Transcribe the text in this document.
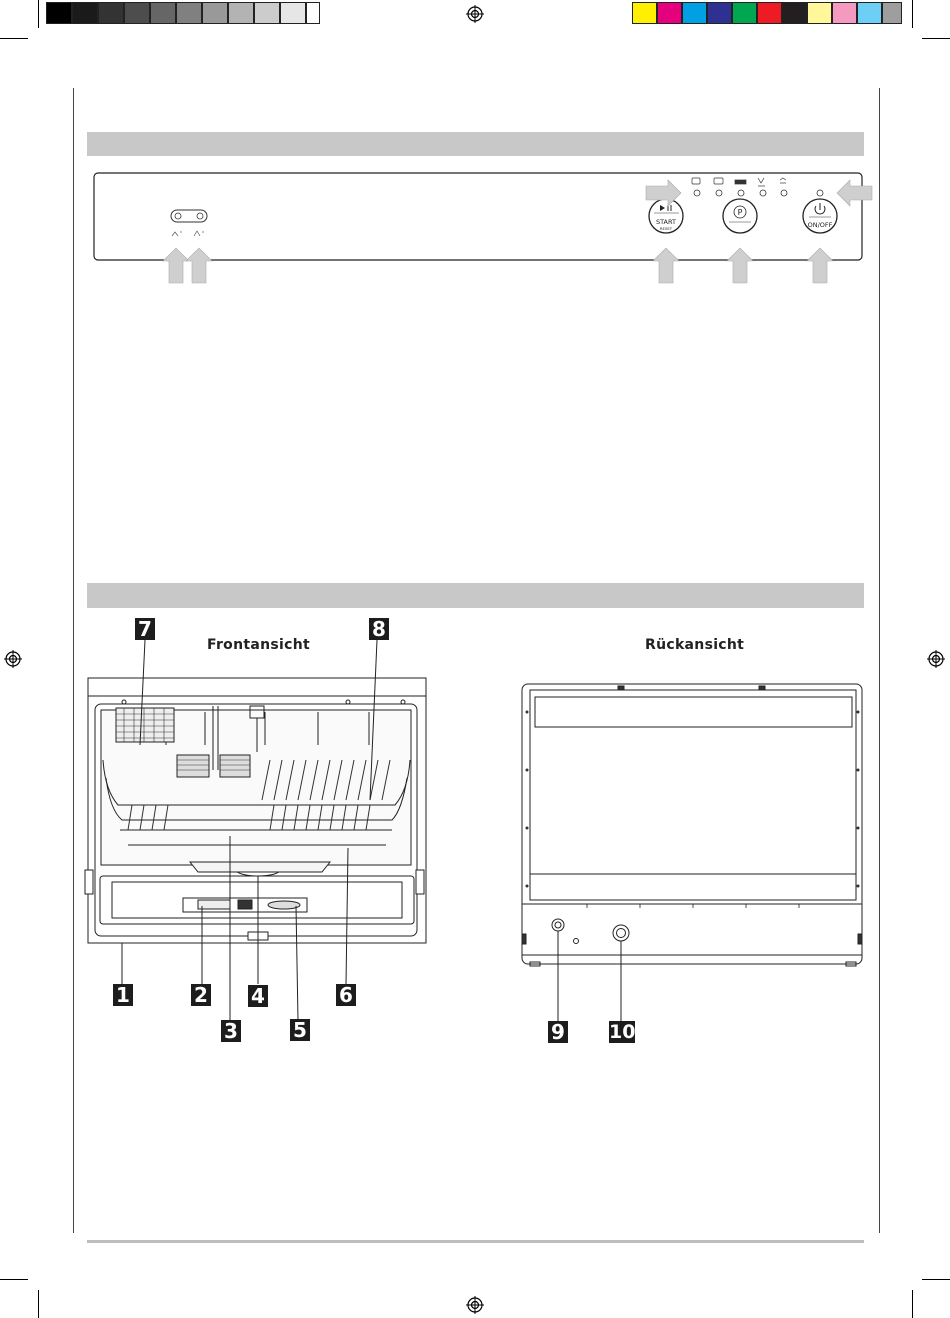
START
RESET
P
ON/OFF
Frontansicht	Rückansicht
7	8
1	2 4	6
3	5	9 10
